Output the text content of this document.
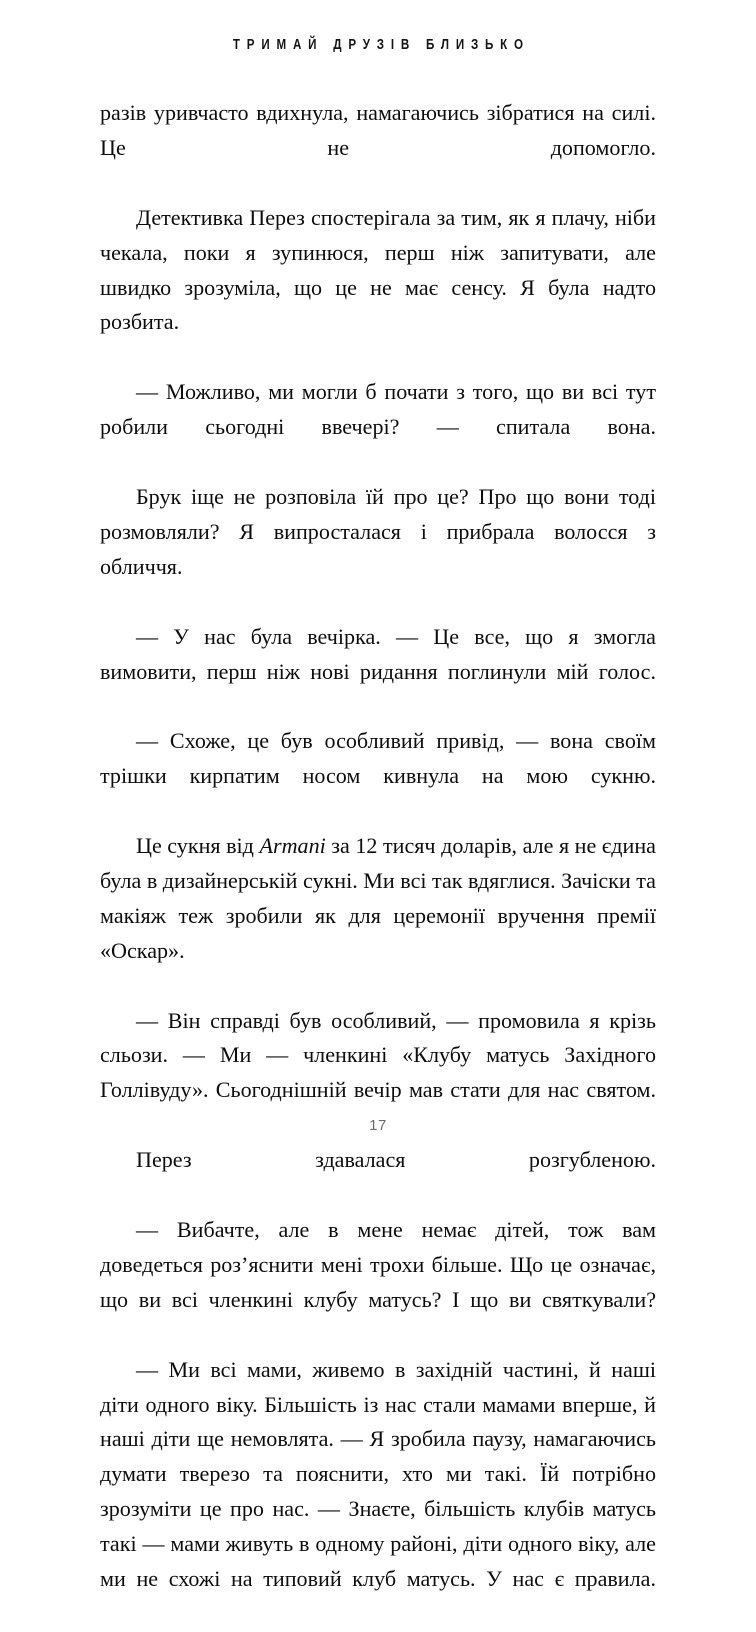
ТРИМАЙ ДРУЗІВ БЛИЗЬКО

разів уривчасто вдихнула, намагаючись зібратися на силі. Це не допомогло.

Детективка Перез спостерігала за тим, як я плачу, ніби чекала, поки я зупинюся, перш ніж запитувати, але швидко зрозуміла, що це не має сенсу. Я була надто розбита.

— Можливо, ми могли б почати з того, що ви всі тут робили сьогодні ввечері? — спитала вона.

Брук іще не розповіла їй про це? Про що вони тоді розмовляли? Я випросталася і прибрала волосся з обличчя.

— У нас була вечірка. — Це все, що я змогла вимовити, перш ніж нові ридання поглинули мій голос.

— Схоже, це був особливий привід, — вона своїм трішки кирпатим носом кивнула на мою сукню.

Це сукня від Armani за 12 тисяч доларів, але я не єдина була в дизайнерській сукні. Ми всі так вдяглися. Зачіски та макіяж теж зробили як для церемонії вручення премії «Оскар».

— Він справді був особливий, — промовила я крізь сльози. — Ми — членкині «Клубу матусь Західного Голлівуду». Сьогоднішній вечір мав стати для нас святом.

Перез здавалася розгубленою.

— Вибачте, але в мене немає дітей, тож вам доведеться роз’яснити мені трохи більше. Що це означає, що ви всі членкині клубу матусь? І що ви святкували?

— Ми всі мами, живемо в західній частині, й наші діти одного віку. Більшість із нас стали мамами вперше, й наші діти ще немовлята. — Я зробила паузу, намагаючись думати тверезо та пояснити, хто ми такі. Їй потрібно зрозуміти це про нас. — Знаєте, більшість клубів матусь такі — мами живуть в одному районі, діти одного віку, але ми не схожі на типовий клуб матусь. У нас є правила.

17
